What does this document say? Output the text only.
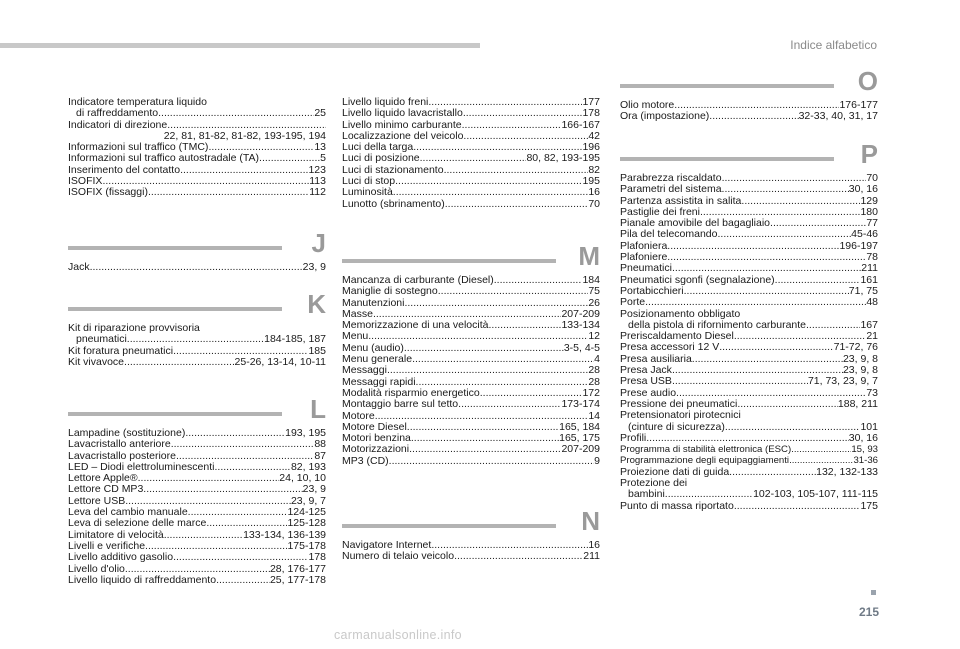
Indice alfabetico
Indicatore temperatura liquido
di raffreddamento .....	25
Indicatori di direzione
.....
22, 81, 81-82, 81-82, 193-195, 194
Informazioni sul traffico (TMC) .....	13
Informazioni sul traffico autostradale (TA) .....	5
Inserimento del contatto .....	123
ISOFIX .....	113
ISOFIX (fissaggi) .....	112
J
Jack .....	23, 9
K
Kit di riparazione provvisoria
pneumatici .....	184-185, 187
Kit foratura pneumatici .....	185
Kit vivavoce .....	25-26, 13-14, 10-11
L
Lampadine (sostituzione) .....	193, 195
Lavacristallo anteriore .....	88
Lavacristallo posteriore .....	87
LED – Diodi elettroluminescenti .....	82, 193
Lettore Apple® .....	24, 10, 10
Lettore CD MP3 .....	23, 9
Lettore USB .....	23, 9, 7
Leva del cambio manuale .....	124-125
Leva di selezione delle marce .....	125-128
Limitatore di velocità .....	133-134, 136-139
Livelli e verifiche .....	175-178
Livello additivo gasolio .....	178
Livello d'olio .....	28, 176-177
Livello liquido di raffreddamento .....	25, 177-178
Livello liquido freni .....	177
Livello liquido lavacristallo .....	178
Livello minimo carburante .....	166-167
Localizzazione del veicolo .....	42
Luci della targa .....	196
Luci di posizione .....	80, 82, 193-195
Luci di stazionamento .....	82
Luci di stop .....	195
Luminosità .....	16
Lunotto (sbrinamento) .....	70
M
Mancanza di carburante (Diesel) .....	184
Maniglie di sostegno .....	75
Manutenzioni .....	26
Masse .....	207-209
Memorizzazione di una velocità .....	133-134
Menu .....	12
Menu (audio) .....	3-5, 4-5
Menu generale .....	4
Messaggi .....	28
Messaggi rapidi .....	28
Modalità risparmio energetico .....	172
Montaggio barre sul tetto .....	173-174
Motore .....	14
Motore Diesel .....	165, 184
Motori benzina .....	165, 175
Motorizzazioni .....	207-209
MP3 (CD) .....	9
N
Navigatore Internet .....	16
Numero di telaio veicolo .....	211
O
Olio motore .....	176-177
Ora (impostazione) .....	32-33, 40, 31, 17
P
Parabrezza riscaldato .....	70
Parametri del sistema .....	30, 16
Partenza assistita in salita .....	129
Pastiglie dei freni .....	180
Pianale amovibile del bagagliaio .....	77
Pila del telecomando .....	45-46
Plafoniera .....	196-197
Plafoniere .....	78
Pneumatici .....	211
Pneumatici sgonfi (segnalazione) .....	161
Portabicchieri .....	71, 75
Porte .....	48
Posizionamento obbligato
della pistola di rifornimento carburante .....	167
Preriscaldamento Diesel .....	21
Presa accessori 12 V .....	71-72, 76
Presa ausiliaria .....	23, 9, 8
Presa Jack .....	23, 9, 8
Presa USB .....	71, 73, 23, 9, 7
Prese audio .....	73
Pressione dei pneumatici .....	188, 211
Pretensionatori pirotecnici
(cinture di sicurezza) .....	101
Profili .....	30, 16
Programma di stabilità elettronica (ESC) .....	15, 93
Programmazione degli equipaggiamenti .....	31-36
Proiezione dati di guida .....	132, 132-133
Protezione dei
bambini .....	102-103, 105-107, 111-115
Punto di massa riportato .....	175
215
carmanualsonline.info
